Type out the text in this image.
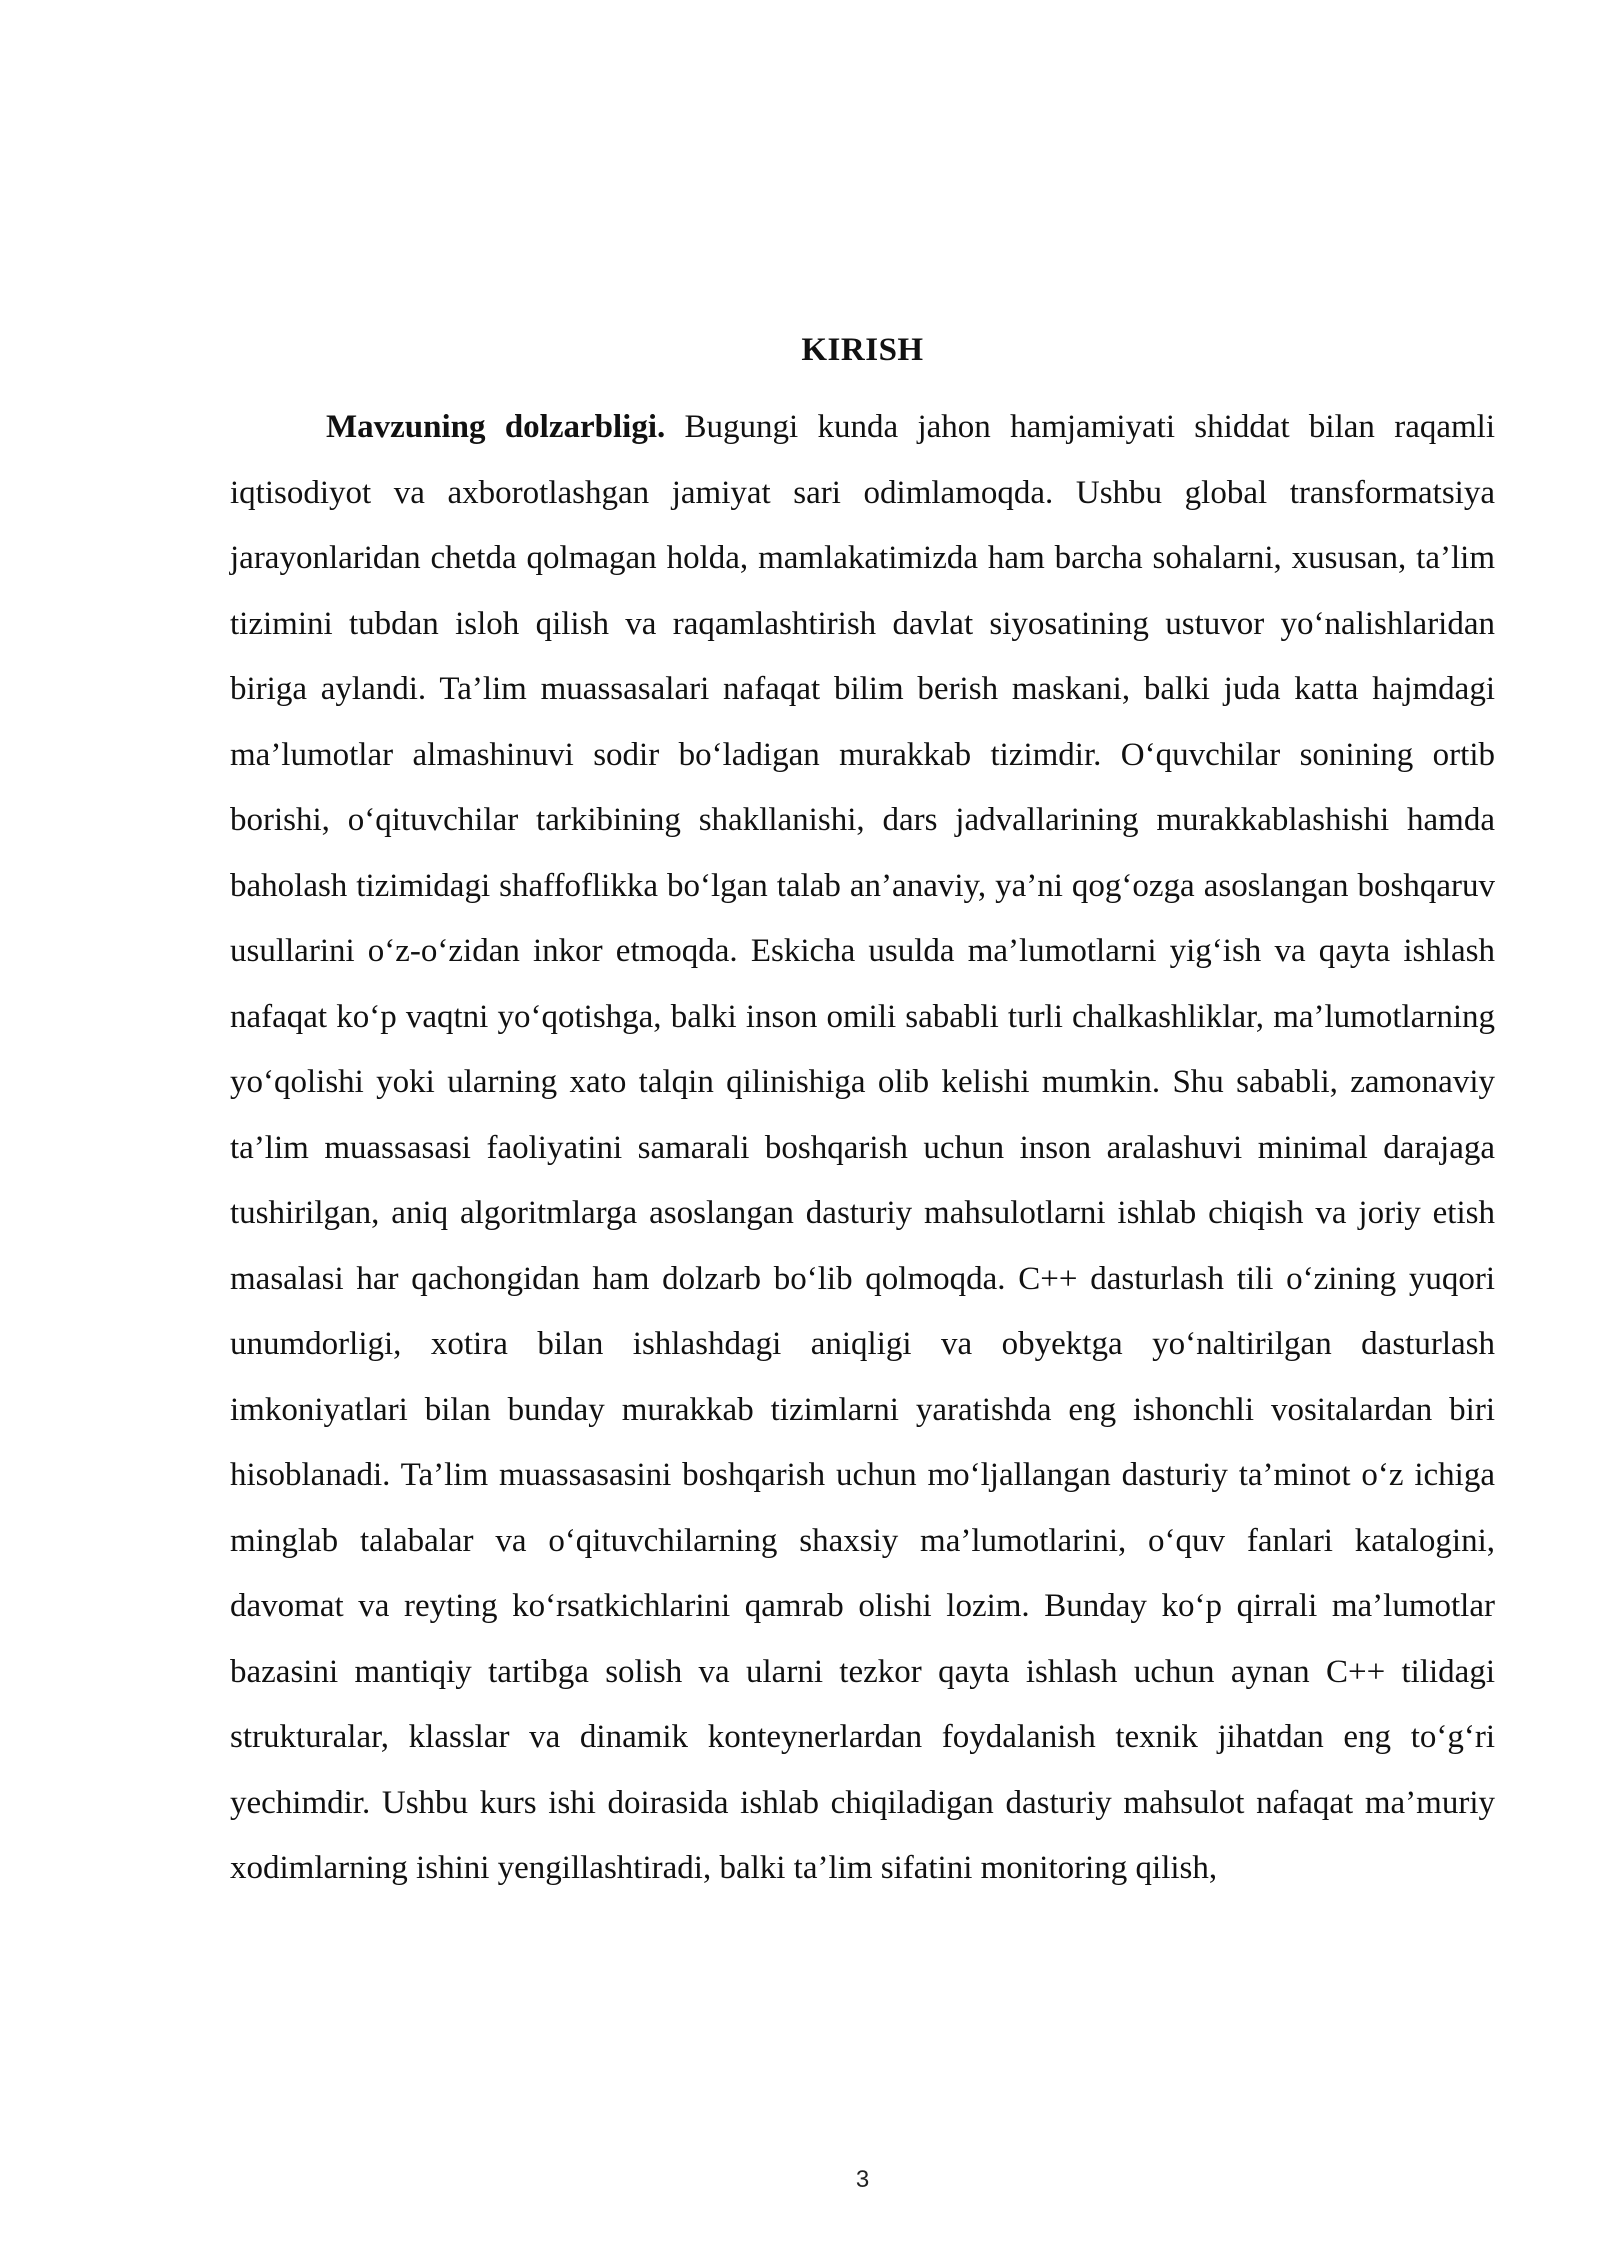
KIRISH

Mavzuning dolzarbligi. Bugungi kunda jahon hamjamiyati shiddat bilan raqamli iqtisodiyot va axborotlashgan jamiyat sari odimlamoqda. Ushbu global transformatsiya jarayonlaridan chetda qolmagan holda, mamlakatimizda ham barcha sohalarni, xususan, ta’lim tizimini tubdan isloh qilish va raqamlashtirish davlat siyosatining ustuvor yo‘nalishlaridan biriga aylandi. Ta’lim muassasalari nafaqat bilim berish maskani, balki juda katta hajmdagi ma’lumotlar almashinuvi sodir bo‘ladigan murakkab tizimdir. O‘quvchilar sonining ortib borishi, o‘qituvchilar tarkibining shakllanishi, dars jadvallarining murakkablashishi hamda baholash tizimidagi shaffoflikka bo‘lgan talab an’anaviy, ya’ni qog‘ozga asoslangan boshqaruv usullarini o‘z-o‘zidan inkor etmoqda. Eskicha usulda ma’lumotlarni yig‘ish va qayta ishlash nafaqat ko‘p vaqtni yo‘qotishga, balki inson omili sababli turli chalkashliklar, ma’lumotlarning yo‘qolishi yoki ularning xato talqin qilinishiga olib kelishi mumkin. Shu sababli, zamonaviy ta’lim muassasasi faoliyatini samarali boshqarish uchun inson aralashuvi minimal darajaga tushirilgan, aniq algoritmlarga asoslangan dasturiy mahsulotlarni ishlab chiqish va joriy etish masalasi har qachongidan ham dolzarb bo‘lib qolmoqda. C++ dasturlash tili o‘zining yuqori unumdorligi, xotira bilan ishlashdagi aniqligi va obyektga yo‘naltirilgan dasturlash imkoniyatlari bilan bunday murakkab tizimlarni yaratishda eng ishonchli vositalardan biri hisoblanadi. Ta’lim muassasasini boshqarish uchun mo‘ljallangan dasturiy ta’minot o‘z ichiga minglab talabalar va o‘qituvchilarning shaxsiy ma’lumotlarini, o‘quv fanlari katalogini, davomat va reyting ko‘rsatkichlarini qamrab olishi lozim. Bunday ko‘p qirrali ma’lumotlar bazasini mantiqiy tartibga solish va ularni tezkor qayta ishlash uchun aynan C++ tilidagi strukturalar, klasslar va dinamik konteynerlardan foydalanish texnik jihatdan eng to‘g‘ri yechimdir. Ushbu kurs ishi doirasida ishlab chiqiladigan dasturiy mahsulot nafaqat ma’muriy xodimlarning ishini yengillashtiradi, balki ta’lim sifatini monitoring qilish,

3
